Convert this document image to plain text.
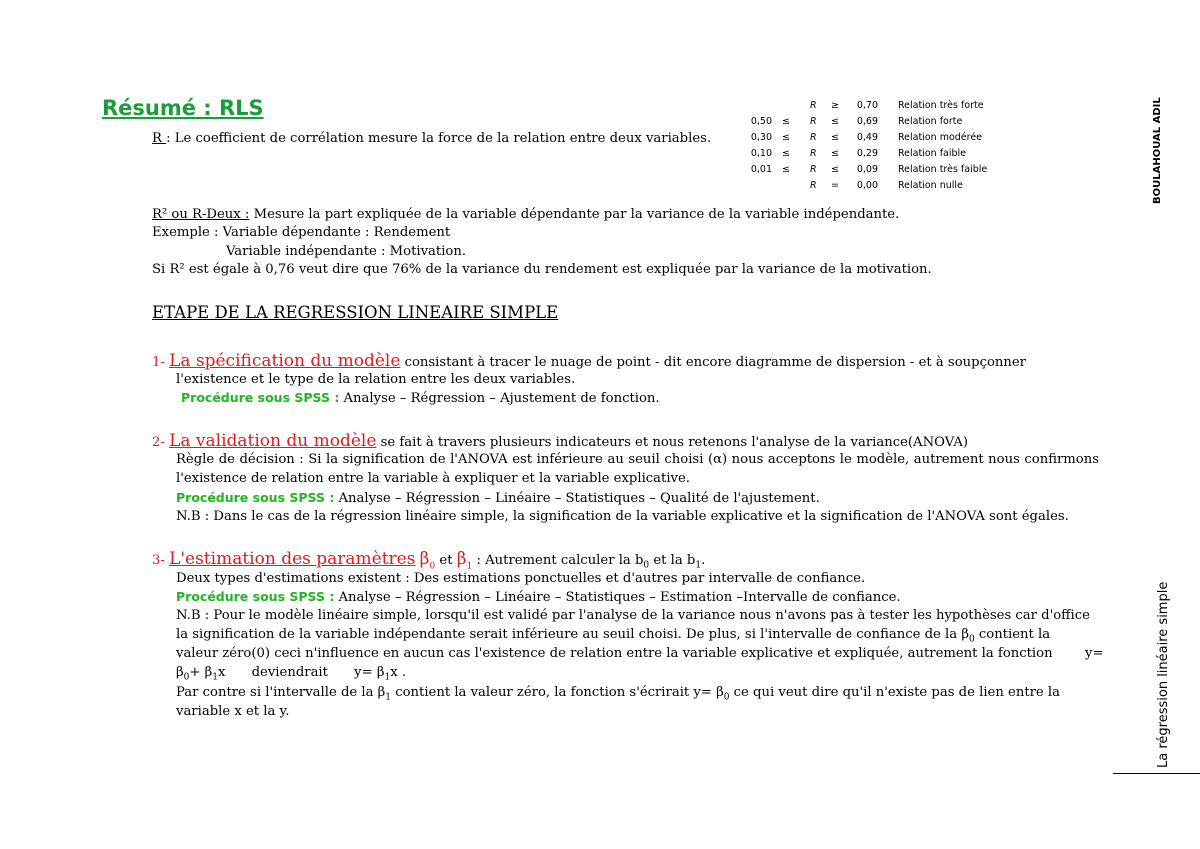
Résumé : RLS
R : Le coefficient de corrélation mesure la force de la relation entre deux variables.
R ≥ 0,70 Relation très forte
0,50 ≤ R ≤ 0,69 Relation forte
0,30 ≤ R ≤ 0,49 Relation modérée
0,10 ≤ R ≤ 0,29 Relation faible
0,01 ≤ R ≤ 0,09 Relation très faible
R = 0,00 Relation nulle
R² ou R-Deux : Mesure la part expliquée de la variable dépendante par la variance de la variable indépendante.
Exemple : Variable dépendante : Rendement
Variable indépendante : Motivation.
Si R² est égale à 0,76 veut dire que 76% de la variance du rendement est expliquée par la variance de la motivation.
ETAPE DE LA REGRESSION LINEAIRE SIMPLE
1- La spécification du modèle consistant à tracer le nuage de point - dit encore diagramme de dispersion - et à soupçonner
l'existence et le type de la relation entre les deux variables.
Procédure sous SPSS : Analyse – Régression – Ajustement de fonction.
2- La validation du modèle se fait à travers plusieurs indicateurs et nous retenons l'analyse de la variance(ANOVA)
Règle de décision : Si la signification de l'ANOVA est inférieure au seuil choisi (α) nous acceptons le modèle, autrement nous confirmons l'existence de relation entre la variable à expliquer et la variable explicative.
Procédure sous SPSS : Analyse – Régression – Linéaire – Statistiques – Qualité de l'ajustement.
N.B : Dans le cas de la régression linéaire simple, la signification de la variable explicative et la signification de l'ANOVA sont égales.
3- L'estimation des paramètres $\beta_0$ et $\beta_1$ : Autrement calculer la $b_0$ et la $b_1$.
Deux types d'estimations existent : Des estimations ponctuelles et d'autres par intervalle de confiance.
Procédure sous SPSS : Analyse – Régression – Linéaire – Statistiques – Estimation –Intervalle de confiance.
N.B : Pour le modèle linéaire simple, lorsqu'il est validé par l'analyse de la variance nous n'avons pas à tester les hypothèses car d'office
la signification de la variable indépendante serait inférieure au seuil choisi. De plus, si l'intervalle de confiance de la $\beta_0$ contient la
valeur zéro(0) ceci n'influence en aucun cas l'existence de relation entre la variable explicative et expliquée, autrement la fonction y=
$\beta_0+ \beta_1x$ deviendrait $y= \beta_1x$ .
Par contre si l'intervalle de la $\beta_1$ contient la valeur zéro, la fonction s'écrirait $y= \beta_0$ ce qui veut dire qu'il n'existe pas de lien entre la
variable x et la y.
BOULAHOUAL ADIL
La régression linéaire simple
